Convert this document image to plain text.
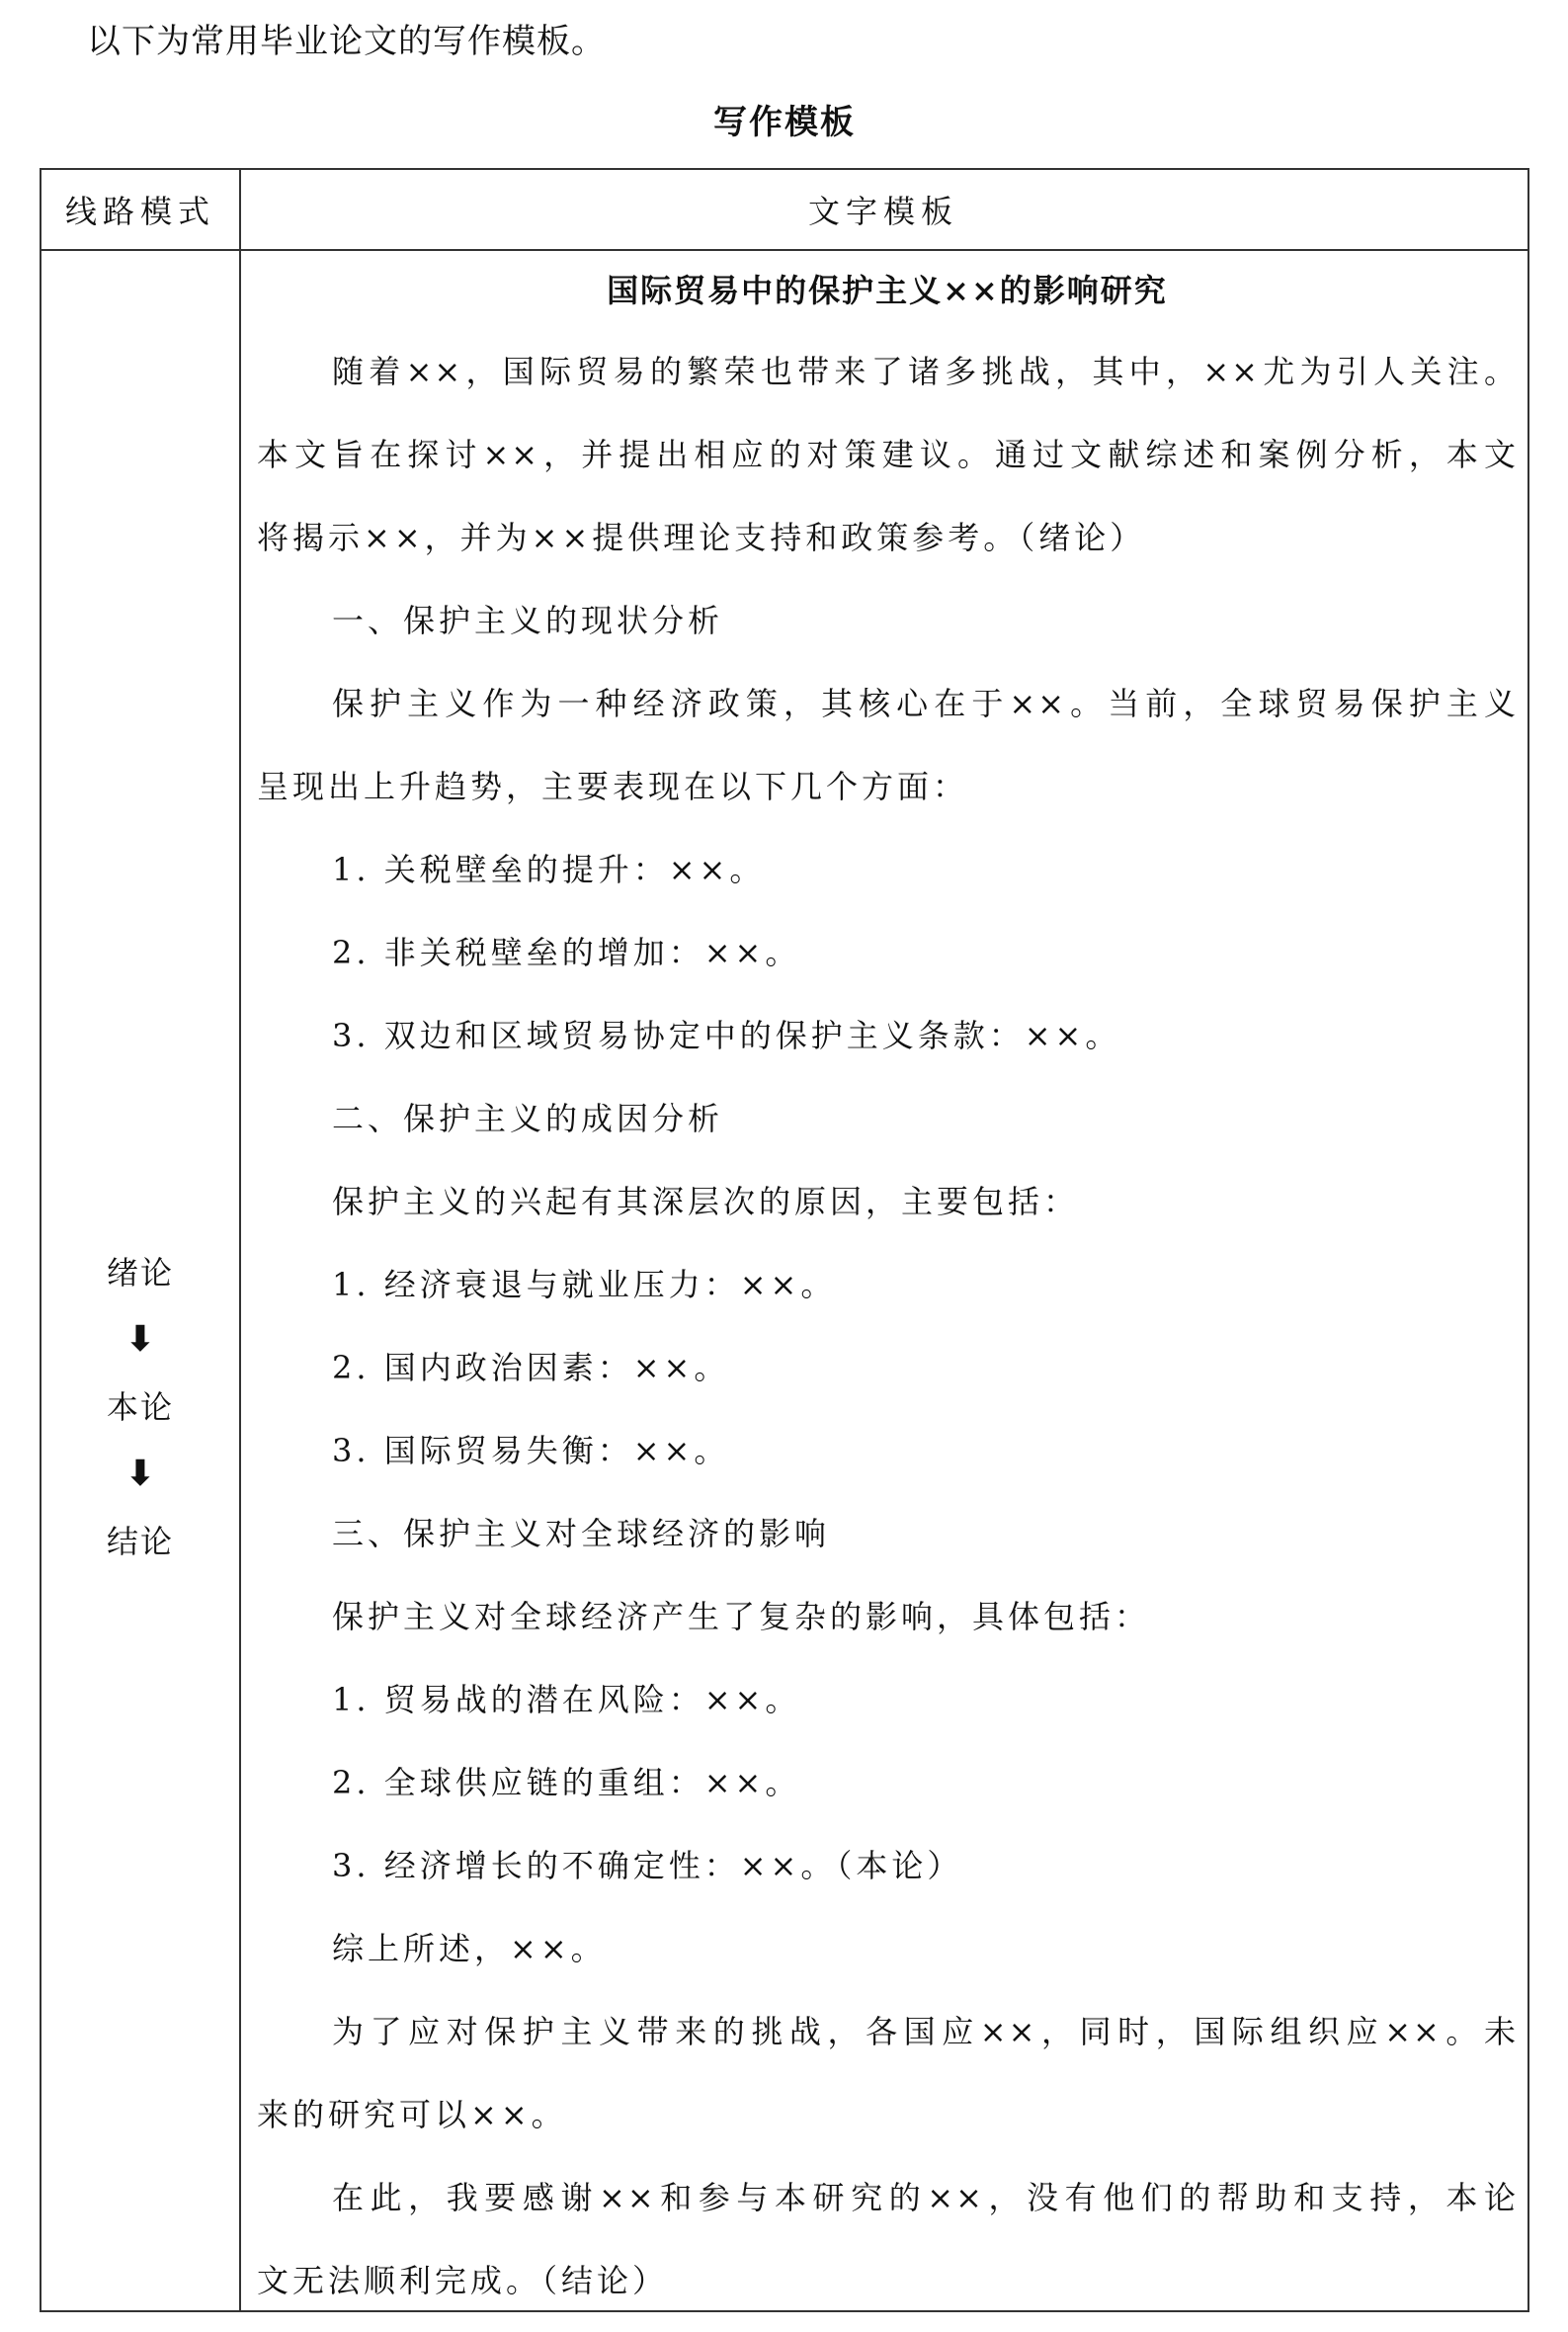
以下为常用毕业论文的写作模板。
写作模板
线路模式	文字模板
绪论
⬇
本论
⬇
结论
国际贸易中的保护主义××的影响研究
随着××，国际贸易的繁荣也带来了诸多挑战，其中，××尤为引人关注。
本文旨在探讨××，并提出相应的对策建议。通过文献综述和案例分析，本文
将揭示××，并为××提供理论支持和政策参考。（绪论）
一、保护主义的现状分析
保护主义作为一种经济政策，其核心在于××。当前，全球贸易保护主义
呈现出上升趋势，主要表现在以下几个方面：
1. 关税壁垒的提升：××。
2. 非关税壁垒的增加：××。
3. 双边和区域贸易协定中的保护主义条款：××。
二、保护主义的成因分析
保护主义的兴起有其深层次的原因，主要包括：
1. 经济衰退与就业压力：××。
2. 国内政治因素：××。
3. 国际贸易失衡：××。
三、保护主义对全球经济的影响
保护主义对全球经济产生了复杂的影响，具体包括：
1. 贸易战的潜在风险：××。
2. 全球供应链的重组：××。
3. 经济增长的不确定性：××。（本论）
综上所述，××。
为了应对保护主义带来的挑战，各国应××，同时，国际组织应××。未
来的研究可以××。
在此，我要感谢××和参与本研究的××，没有他们的帮助和支持，本论
文无法顺利完成。（结论）
